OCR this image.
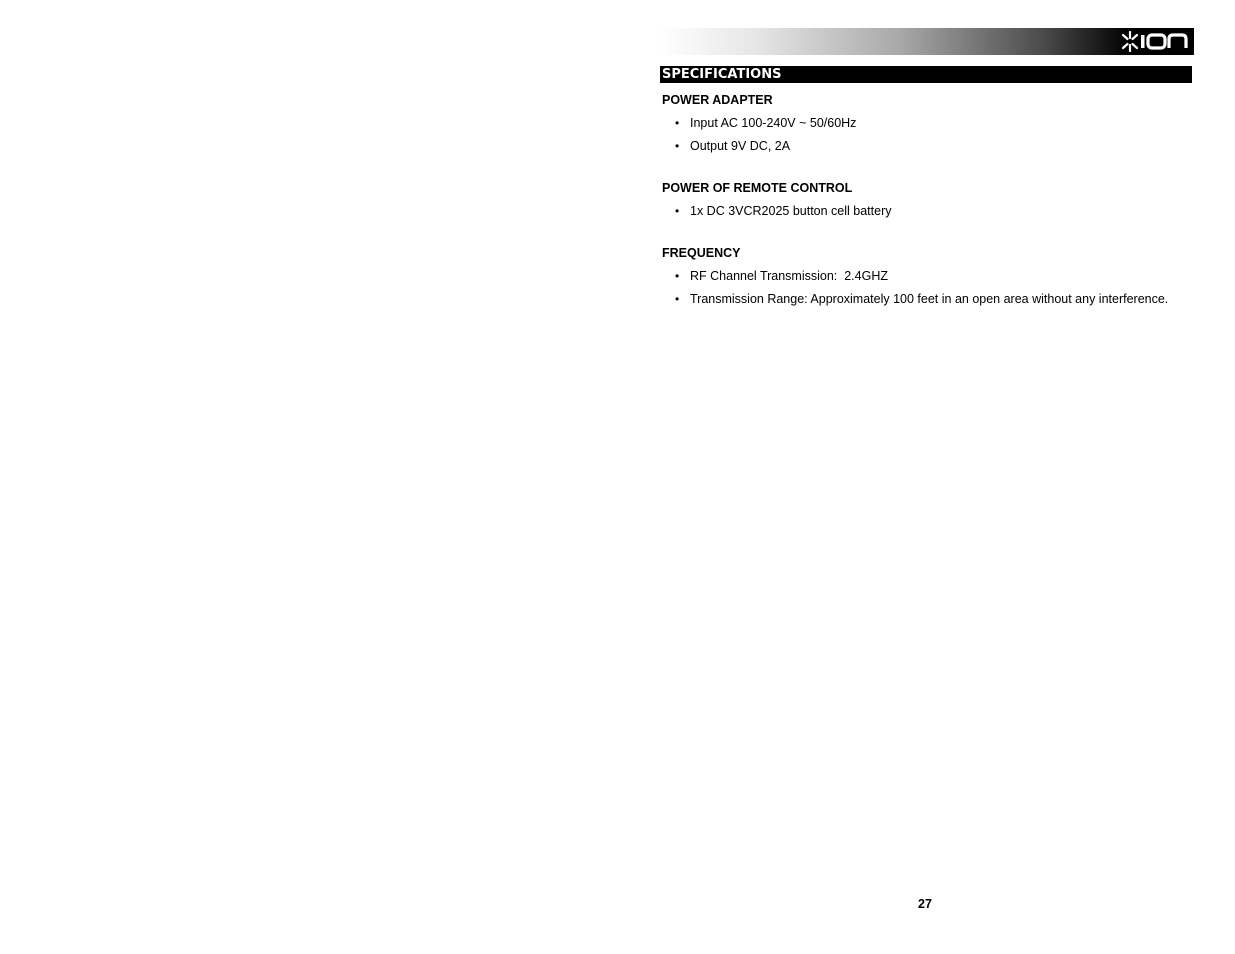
SPECIFICATIONS

POWER ADAPTER

• Input AC 100-240V ~ 50/60Hz
• Output 9V DC, 2A

POWER OF REMOTE CONTROL

• 1x DC 3VCR2025 button cell battery

FREQUENCY

• RF Channel Transmission:  2.4GHZ
• Transmission Range: Approximately 100 feet in an open area without any interference.
27
